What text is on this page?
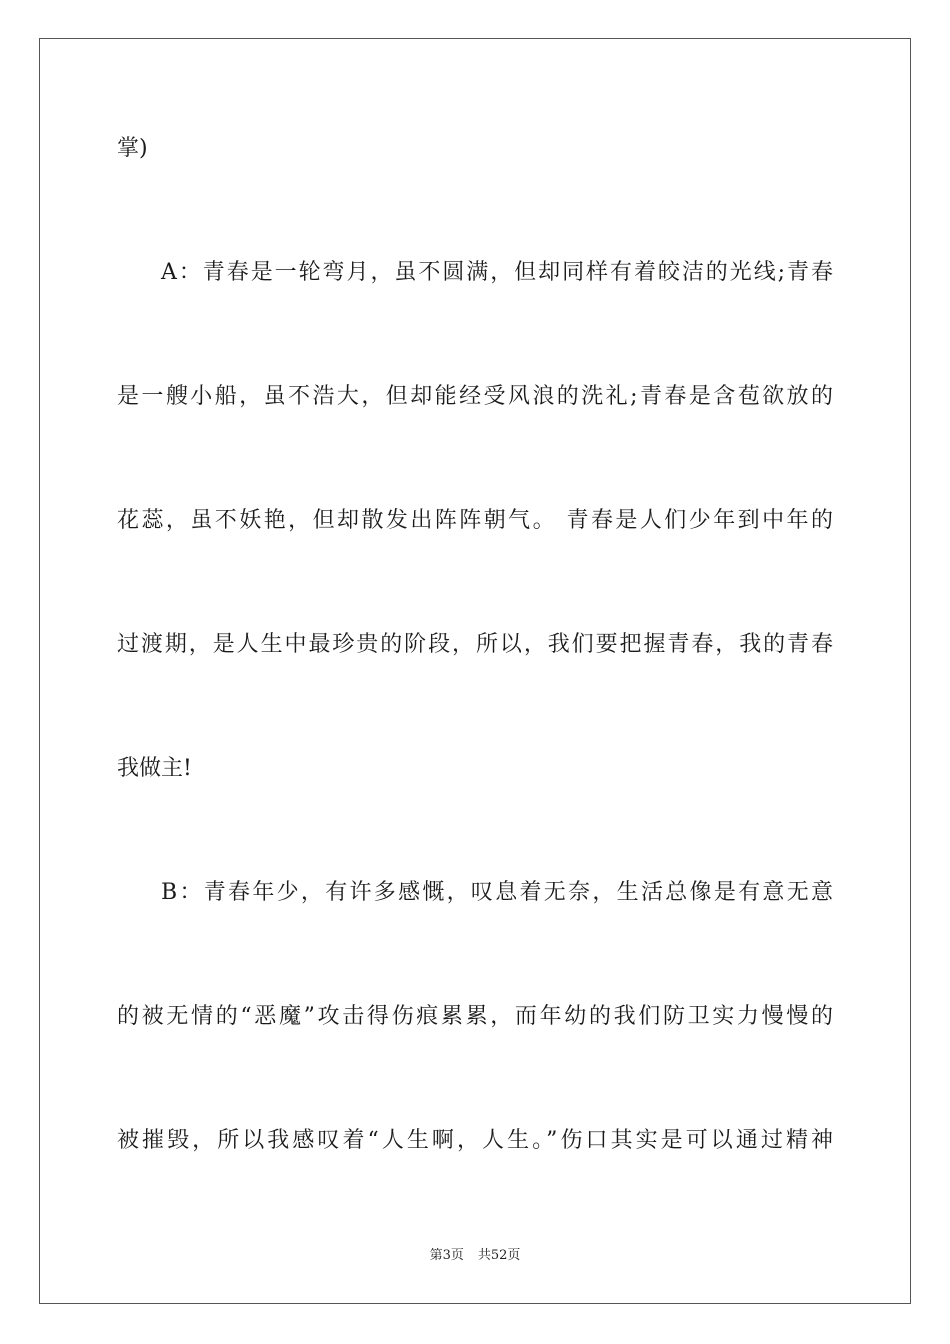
掌)
A：青春是一轮弯月，虽不圆满，但却同样有着皎洁的光线;青春
是一艘小船，虽不浩大，但却能经受风浪的洗礼;青春是含苞欲放的
花蕊，虽不妖艳，但却散发出阵阵朝气。 青春是人们少年到中年的
过渡期，是人生中最珍贵的阶段，所以，我们要把握青春，我的青春
我做主!
B：青春年少，有许多感慨，叹息着无奈，生活总像是有意无意
的被无情的“恶魔”攻击得伤痕累累，而年幼的我们防卫实力慢慢的
被摧毁，所以我感叹着“人生啊，人生。”伤口其实是可以通过精神
第3页 共52页
